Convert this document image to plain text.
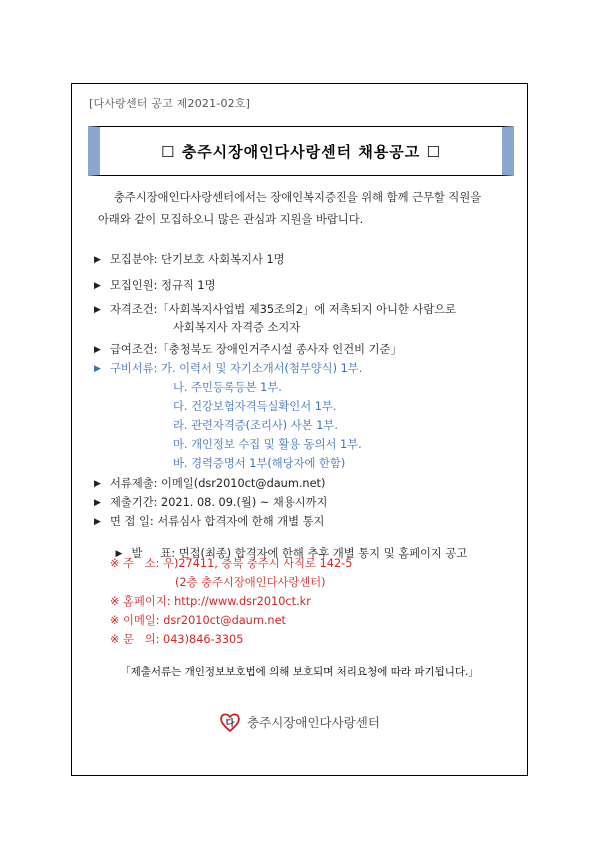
[다사랑센터 공고 제2021-02호]
☐ 충주시장애인다사랑센터 채용공고 ☐
충주시장애인다사랑센터에서는 장애인복지증진을 위해 함께 근무할 직원을
아래와 같이 모집하오니 많은 관심과 지원을 바랍니다.
▶ 모집분야: 단기보호 사회복지사 1명
▶ 모집인원: 정규직 1명
▶ 자격조건:「사회복지사업법 제35조의2」에 저촉되지 아니한 사람으로
사회복지사 자격증 소지자
▶ 급여조건:「충청북도 장애인거주시설 종사자 인건비 기준」
▶ 구비서류: 가. 이력서 및 자기소개서(첨부양식) 1부.
나. 주민등록등본 1부.
다. 건강보험자격득실확인서 1부.
라. 관련자격증(조리사) 사본 1부.
마. 개인정보 수집 및 활용 동의서 1부.
바. 경력증명서 1부(해당자에 한함)
▶ 서류제출: 이메일(dsr2010ct@daum.net)
▶ 제출기간: 2021. 08. 09.(월) ~ 채용시까지
▶ 면 접 일: 서류심사 합격자에 한해 개별 통지

▶ 발     표: 면접(최종) 합격자에 한해 추후 개별 통지 및 홈페이지 공고

※ 주   소: 우)27411, 충북 충주시 사직로 142-5
(2층 충주시장애인다사랑센터)
※ 홈페이지: http://www.dsr2010ct.kr
※ 이메일: dsr2010ct@daum.net
※ 문   의: 043)846-3305
「제출서류는 개인정보보호법에 의해 보호되며 처리요청에 따라 파기됩니다.」
다 충주시장애인다사랑센터
